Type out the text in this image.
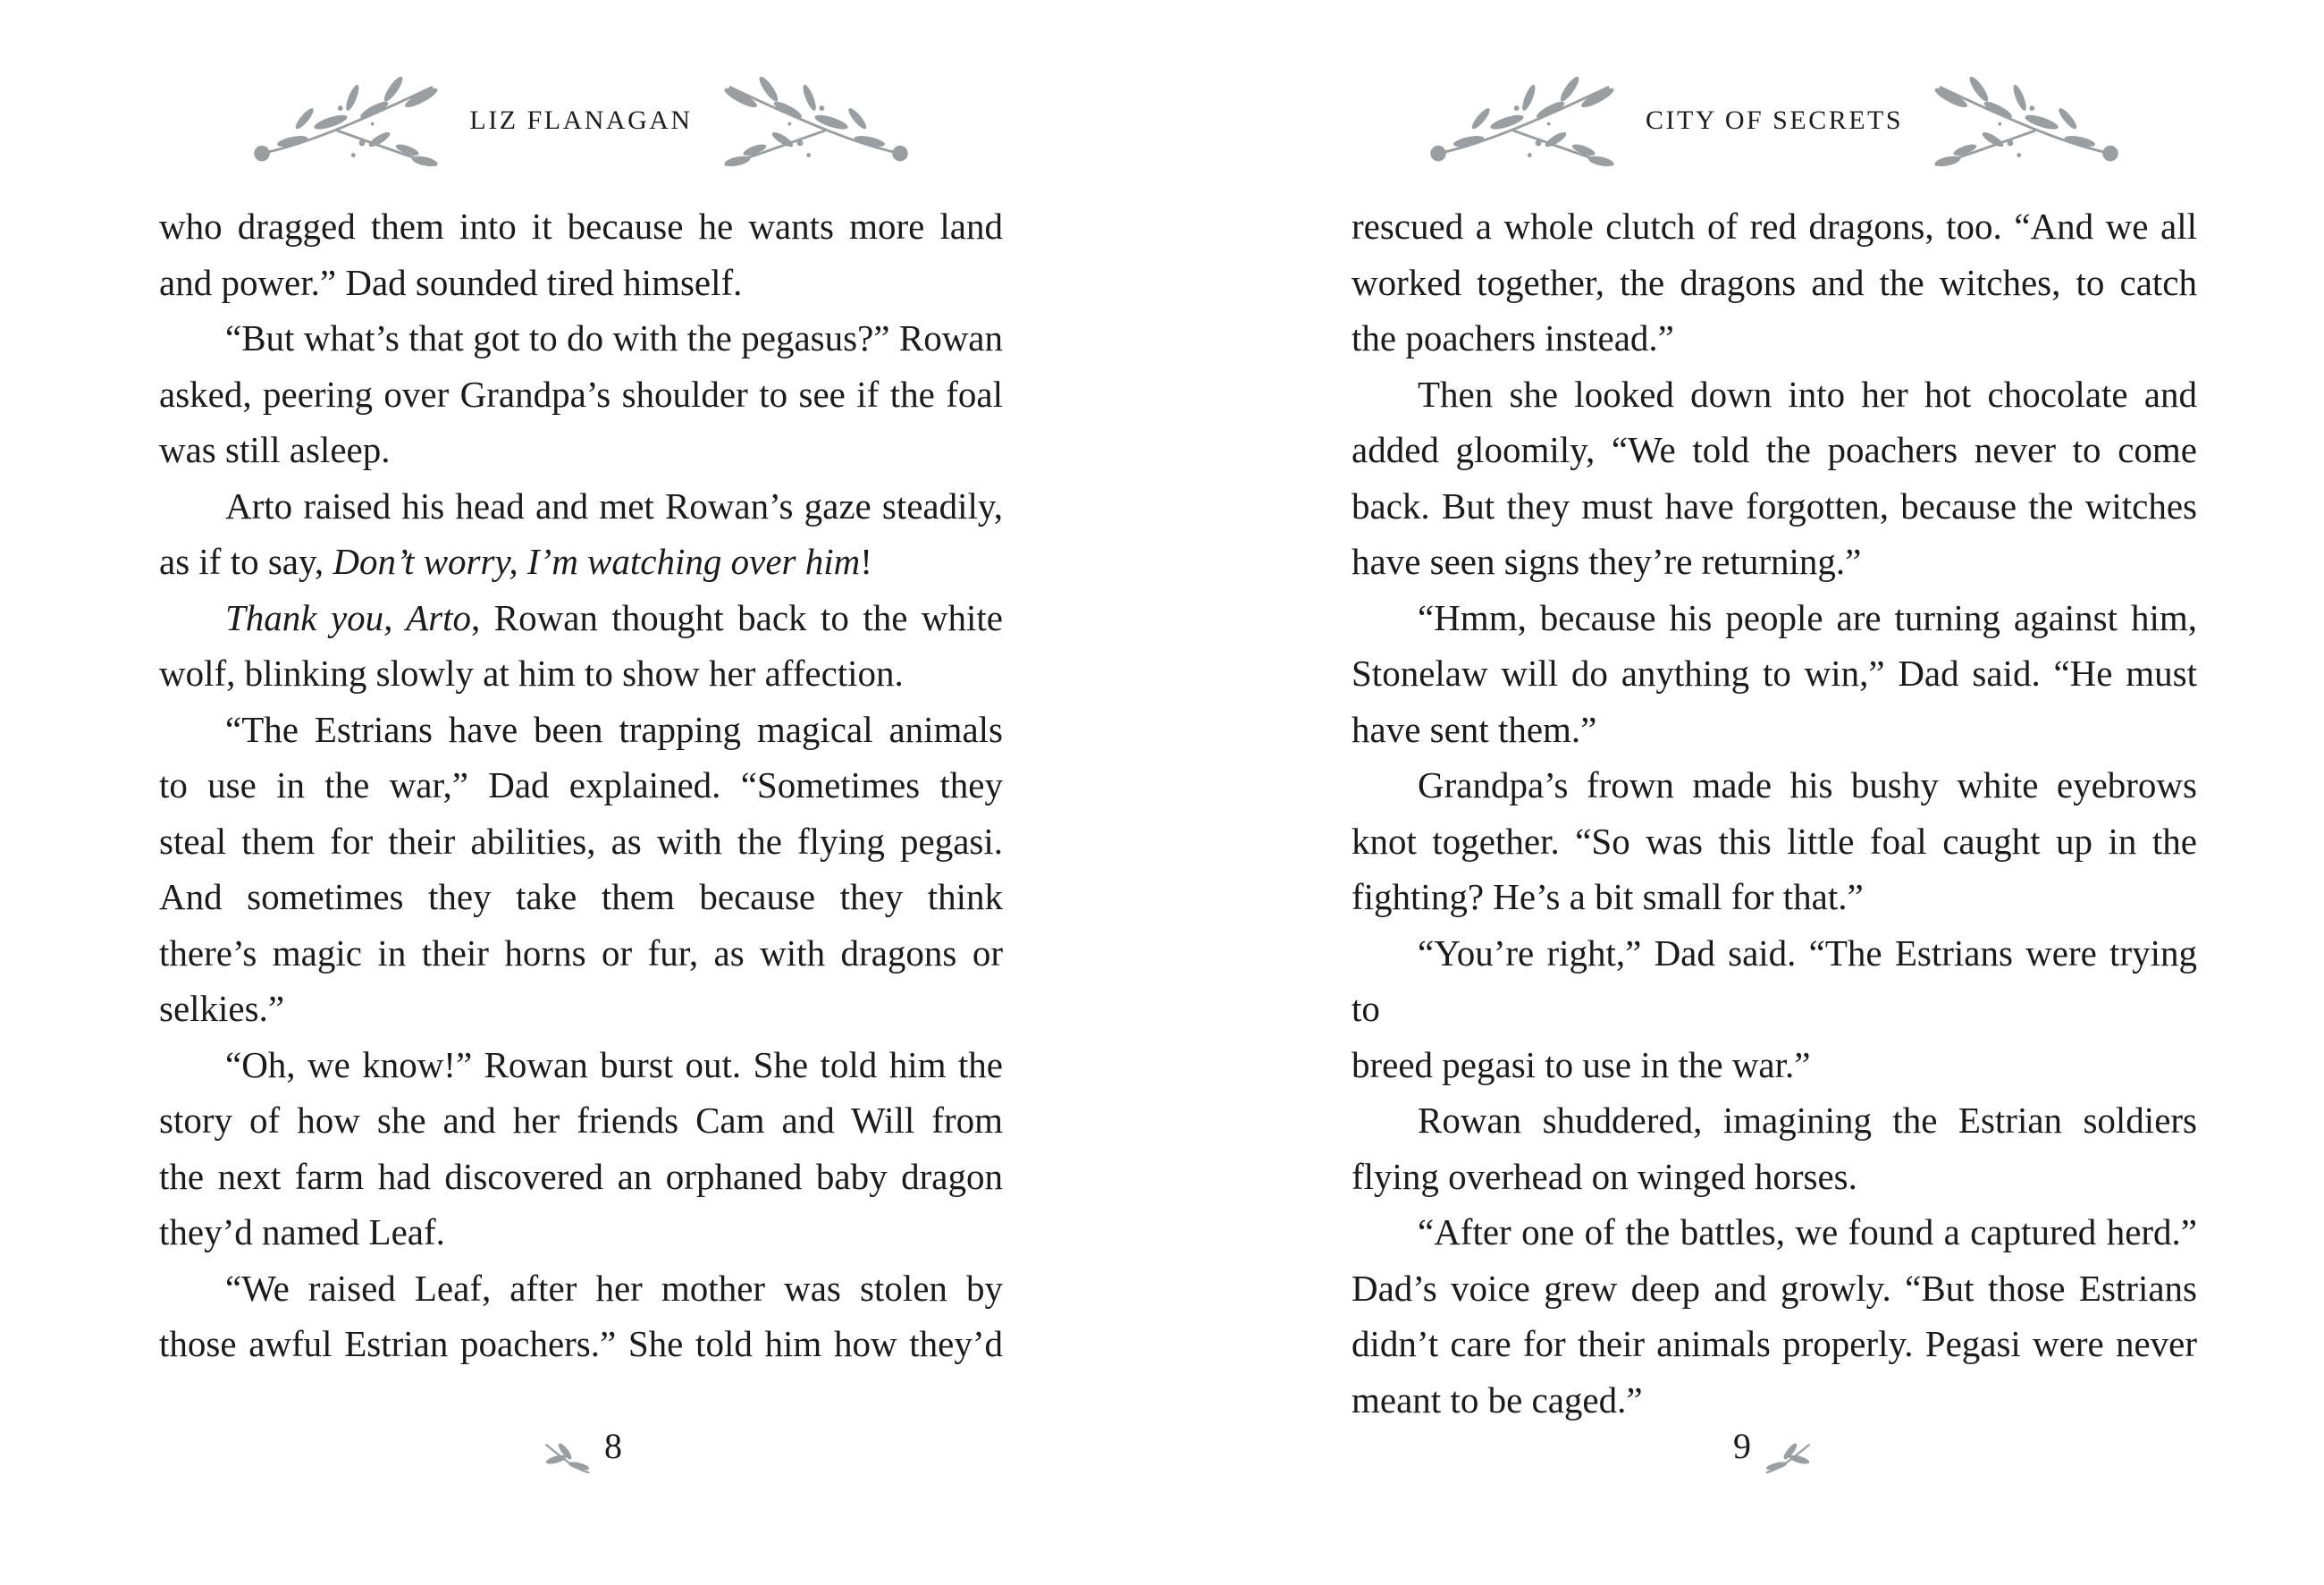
LIZ FLANAGAN
who dragged them into it because he wants more land
and power.” Dad sounded tired himself.
“But what’s that got to do with the pegasus?” Rowan
asked, peering over Grandpa’s shoulder to see if the foal
was still asleep.
Arto raised his head and met Rowan’s gaze steadily,
as if to say, Don’t worry, I’m watching over him!
Thank you, Arto, Rowan thought back to the white
wolf, blinking slowly at him to show her affection.
“The Estrians have been trapping magical animals
to use in the war,” Dad explained. “Sometimes they
steal them for their abilities, as with the flying pegasi.
And sometimes they take them because they think
there’s magic in their horns or fur, as with dragons or
selkies.”
“Oh, we know!” Rowan burst out. She told him the
story of how she and her friends Cam and Will from
the next farm had discovered an orphaned baby dragon
they’d named Leaf.
“We raised Leaf, after her mother was stolen by
those awful Estrian poachers.” She told him how they’d
8
CITY OF SECRETS
rescued a whole clutch of red dragons, too. “And we all
worked together, the dragons and the witches, to catch
the poachers instead.”
Then she looked down into her hot chocolate and
added gloomily, “We told the poachers never to come
back. But they must have forgotten, because the witches
have seen signs they’re returning.”
“Hmm, because his people are turning against him,
Stonelaw will do anything to win,” Dad said. “He must
have sent them.”
Grandpa’s frown made his bushy white eyebrows
knot together. “So was this little foal caught up in the
fighting? He’s a bit small for that.”
“You’re right,” Dad said. “The Estrians were trying to
breed pegasi to use in the war.”
Rowan shuddered, imagining the Estrian soldiers
flying overhead on winged horses.
“After one of the battles, we found a captured herd.”
Dad’s voice grew deep and growly. “But those Estrians
didn’t care for their animals properly. Pegasi were never
meant to be caged.”
9
